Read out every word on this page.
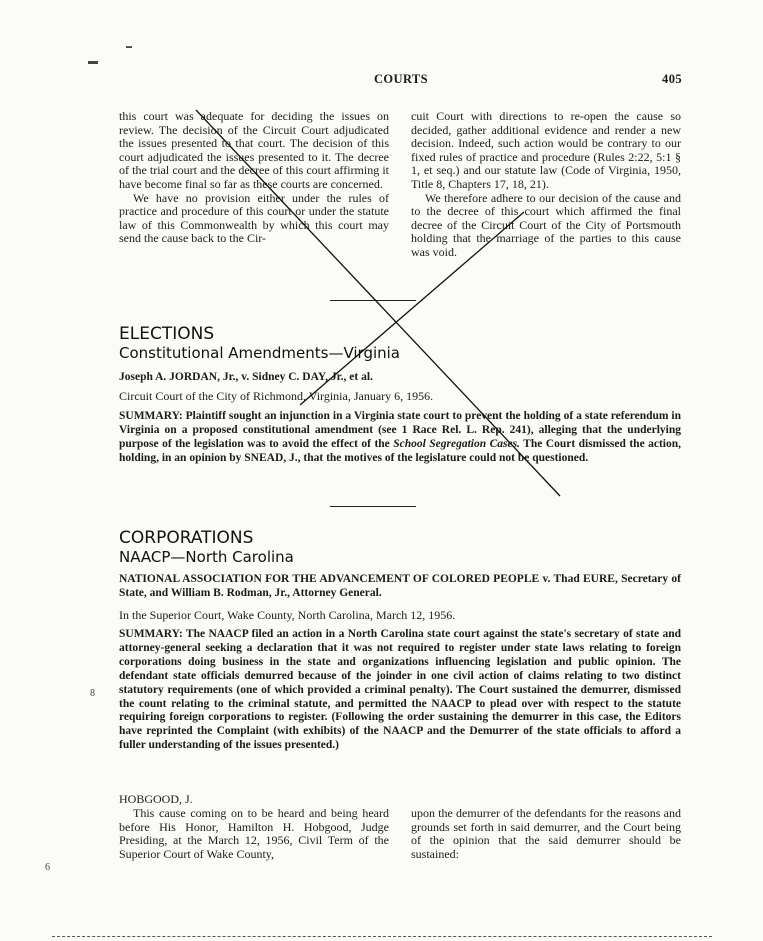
COURTS	405

this court was adequate for deciding the issues on review. The decision of the Circuit Court adjudicated the issues presented to that court. The decision of this court adjudicated the issues presented to it. The decree of the trial court and the decree of this court affirming it have become final so far as these courts are concerned.

We have no provision either under the rules of practice and procedure of this court or under the statute law of this Commonwealth by which this court may send the cause back to the Cir-

cuit Court with directions to re-open the cause so decided, gather additional evidence and render a new decision. Indeed, such action would be contrary to our fixed rules of practice and procedure (Rules 2:22, 5:1 § 1, et seq.) and our statute law (Code of Virginia, 1950, Title 8, Chapters 17, 18, 21).

We therefore adhere to our decision of the cause and to the decree of this court which affirmed the final decree of the Circuit Court of the City of Portsmouth holding that the marriage of the parties to this cause was void.

ELECTIONS
Constitutional Amendments—Virginia
Joseph A. JORDAN, Jr., v. Sidney C. DAY, Jr., et al.
Circuit Court of the City of Richmond, Virginia, January 6, 1956.
SUMMARY: Plaintiff sought an injunction in a Virginia state court to prevent the holding of a state referendum in Virginia on a proposed constitutional amendment (see 1 Race Rel. L. Rep. 241), alleging that the underlying purpose of the legislation was to avoid the effect of the School Segregation Cases. The Court dismissed the action, holding, in an opinion by SNEAD, J., that the motives of the legislature could not be questioned.
CORPORATIONS
NAACP—North Carolina
NATIONAL ASSOCIATION FOR THE ADVANCEMENT OF COLORED PEOPLE v. Thad EURE, Secretary of State, and William B. Rodman, Jr., Attorney General.
In the Superior Court, Wake County, North Carolina, March 12, 1956.
SUMMARY: The NAACP filed an action in a North Carolina state court against the state's secretary of state and attorney-general seeking a declaration that it was not required to register under state laws relating to foreign corporations doing business in the state and organizations influencing legislation and public opinion. The defendant state officials demurred because of the joinder in one civil action of claims relating to two distinct statutory requirements (one of which provided a criminal penalty). The Court sustained the demurrer, dismissed the count relating to the criminal statute, and permitted the NAACP to plead over with respect to the statute requiring foreign corporations to register. (Following the order sustaining the demurrer in this case, the Editors have reprinted the Complaint (with exhibits) of the NAACP and the Demurrer of the state officials to afford a fuller understanding of the issues presented.)
HOBGOOD, J.

This cause coming on to be heard and being heard before His Honor, Hamilton H. Hobgood, Judge Presiding, at the March 12, 1956, Civil Term of the Superior Court of Wake County,

upon the demurrer of the defendants for the reasons and grounds set forth in said demurrer, and the Court being of the opinion that the said demurrer should be sustained:

▬
▬
8
6
